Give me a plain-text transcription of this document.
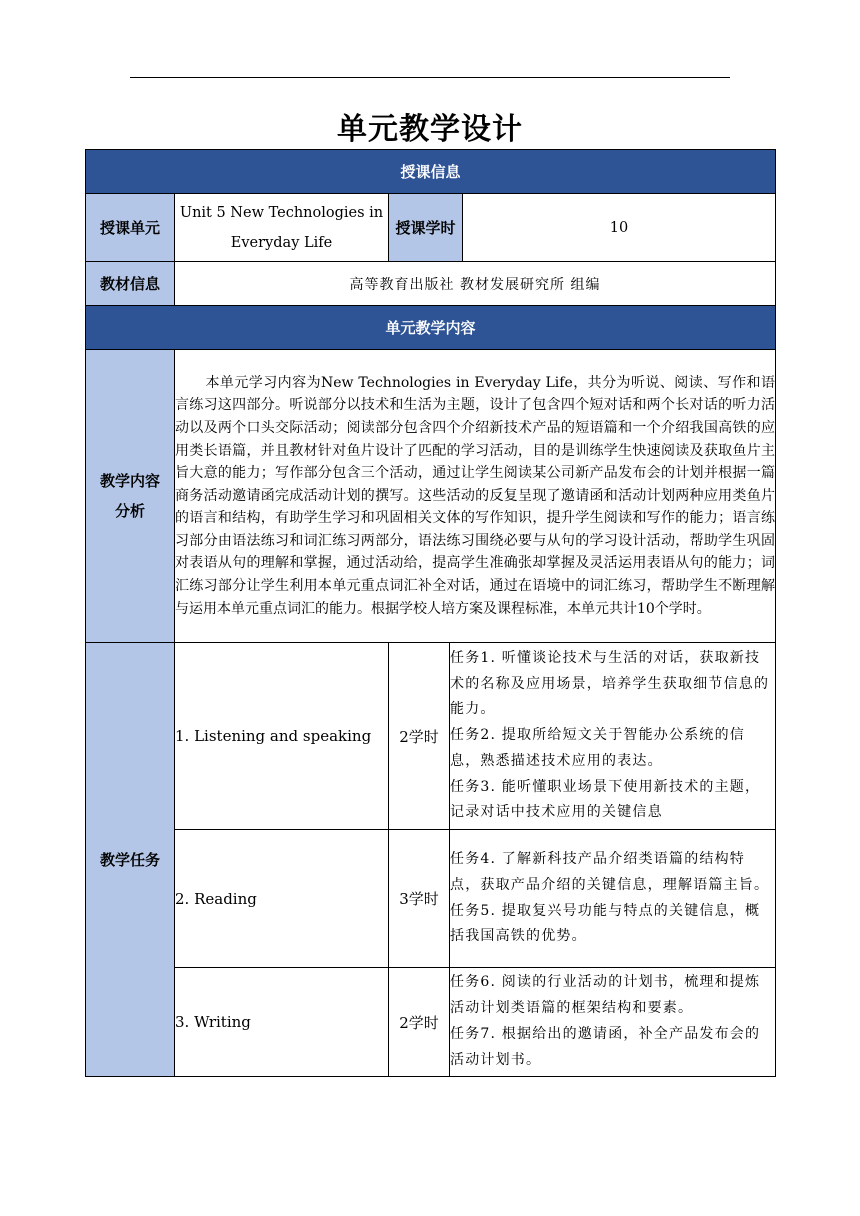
单元教学设计
授课信息				
授课单元	Unit 5 New Technologies in Everyday Life	授课学时		10
教材信息	高等教育出版社 教材发展研究所 组编			
单元教学内容				
教学内容分析	本单元学习内容为New Technologies in Everyday Life，共分为听说、阅读、写作和语言练习这四部分。听说部分以技术和生活为主题，设计了包含四个短对话和两个长对话的听力活动以及两个口头交际活动；阅读部分包含四个介绍新技术产品的短语篇和一个介绍我国高铁的应用类长语篇，并且教材针对鱼片设计了匹配的学习活动，目的是训练学生快速阅读及获取鱼片主旨大意的能力；写作部分包含三个活动，通过让学生阅读某公司新产品发布会的计划并根据一篇商务活动邀请函完成活动计划的撰写。这些活动的反复呈现了邀请函和活动计划两种应用类鱼片的语言和结构，有助学生学习和巩固相关文体的写作知识，提升学生阅读和写作的能力；语言练习部分由语法练习和词汇练习两部分，语法练习围绕必要与从句的学习设计活动，帮助学生巩固对表语从句的理解和掌握，通过活动给，提高学生准确张却掌握及灵活运用表语从句的能力；词汇练习部分让学生利用本单元重点词汇补全对话，通过在语境中的词汇练习，帮助学生不断理解与运用本单元重点词汇的能力。根据学校人培方案及课程标准，本单元共计10个学时。			
教学任务	1. Listening and speaking	2学时	任务1. 听懂谈论技术与生活的对话，获取新技术的名称及应用场景，培养学生获取细节信息的能力。

任务2. 提取所给短文关于智能办公系统的信息，熟悉描述技术应用的表达。

任务3. 能听懂职业场景下使用新技术的主题，记录对话中技术应用的关键信息	

	2. Reading	3学时	任务4. 了解新科技产品介绍类语篇的结构特点，获取产品介绍的关键信息，理解语篇主旨。

任务5. 提取复兴号功能与特点的关键信息，概括我国高铁的优势。	

	3. Writing	2学时	任务6. 阅读的行业活动的计划书，梳理和提炼活动计划类语篇的框架结构和要素。

任务7. 根据给出的邀请函，补全产品发布会的活动计划书。	
